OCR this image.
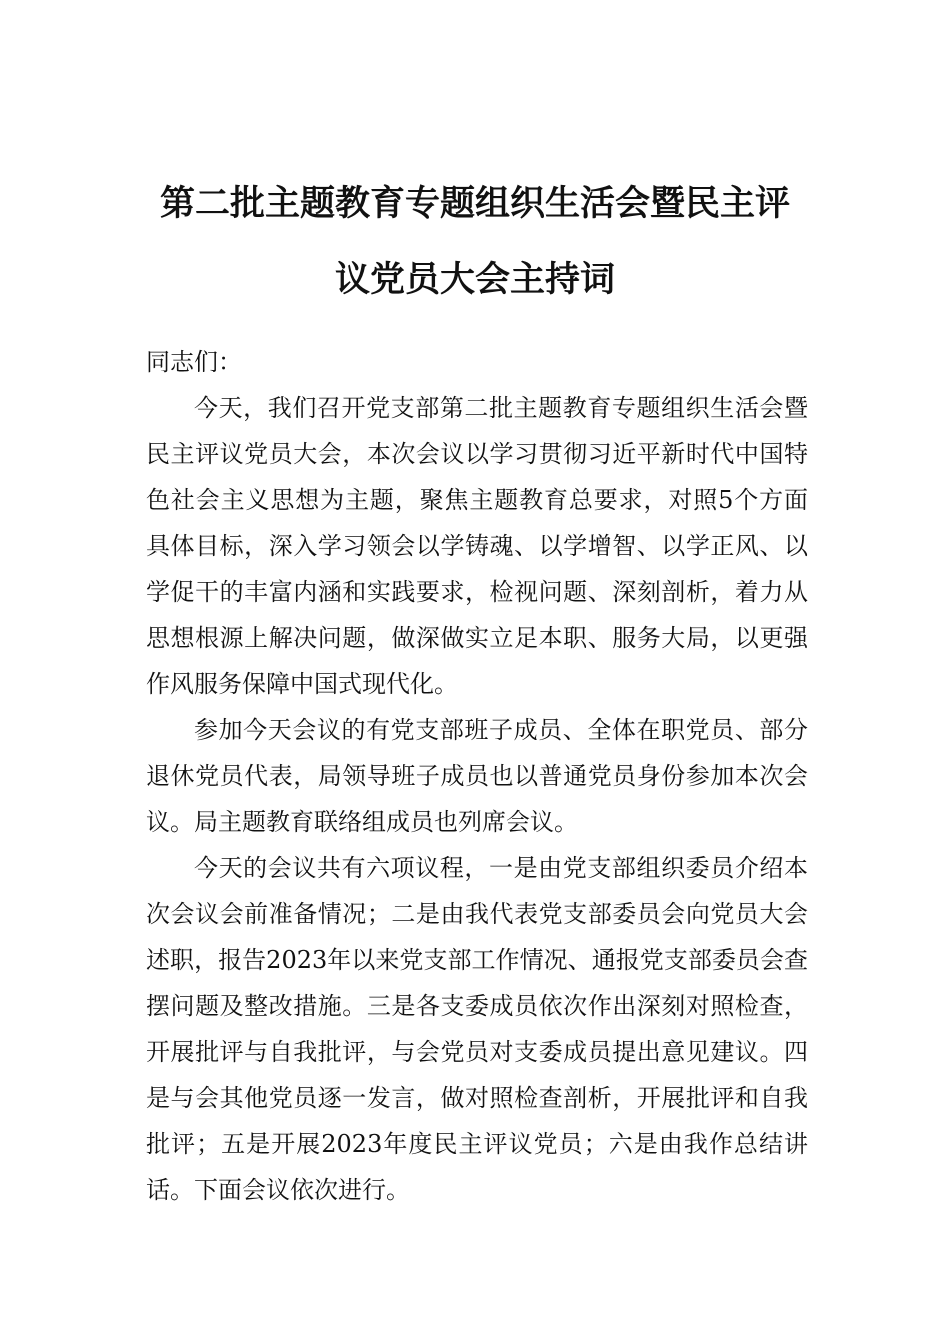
第二批主题教育专题组织生活会暨民主评
议党员大会主持词

同志们：

今天，我们召开党支部第二批主题教育专题组织生活会暨民主评议党员大会，本次会议以学习贯彻习近平新时代中国特色社会主义思想为主题，聚焦主题教育总要求，对照5个方面具体目标，深入学习领会以学铸魂、以学增智、以学正风、以学促干的丰富内涵和实践要求，检视问题、深刻剖析，着力从思想根源上解决问题，做深做实立足本职、服务大局，以更强作风服务保障中国式现代化。

参加今天会议的有党支部班子成员、全体在职党员、部分退休党员代表，局领导班子成员也以普通党员身份参加本次会议。局主题教育联络组成员也列席会议。

今天的会议共有六项议程，一是由党支部组织委员介绍本次会议会前准备情况；二是由我代表党支部委员会向党员大会述职，报告2023年以来党支部工作情况、通报党支部委员会查摆问题及整改措施。三是各支委成员依次作出深刻对照检查，开展批评与自我批评，与会党员对支委成员提出意见建议。四是与会其他党员逐一发言，做对照检查剖析，开展批评和自我批评；五是开展2023年度民主评议党员；六是由我作总结讲话。下面会议依次进行。
